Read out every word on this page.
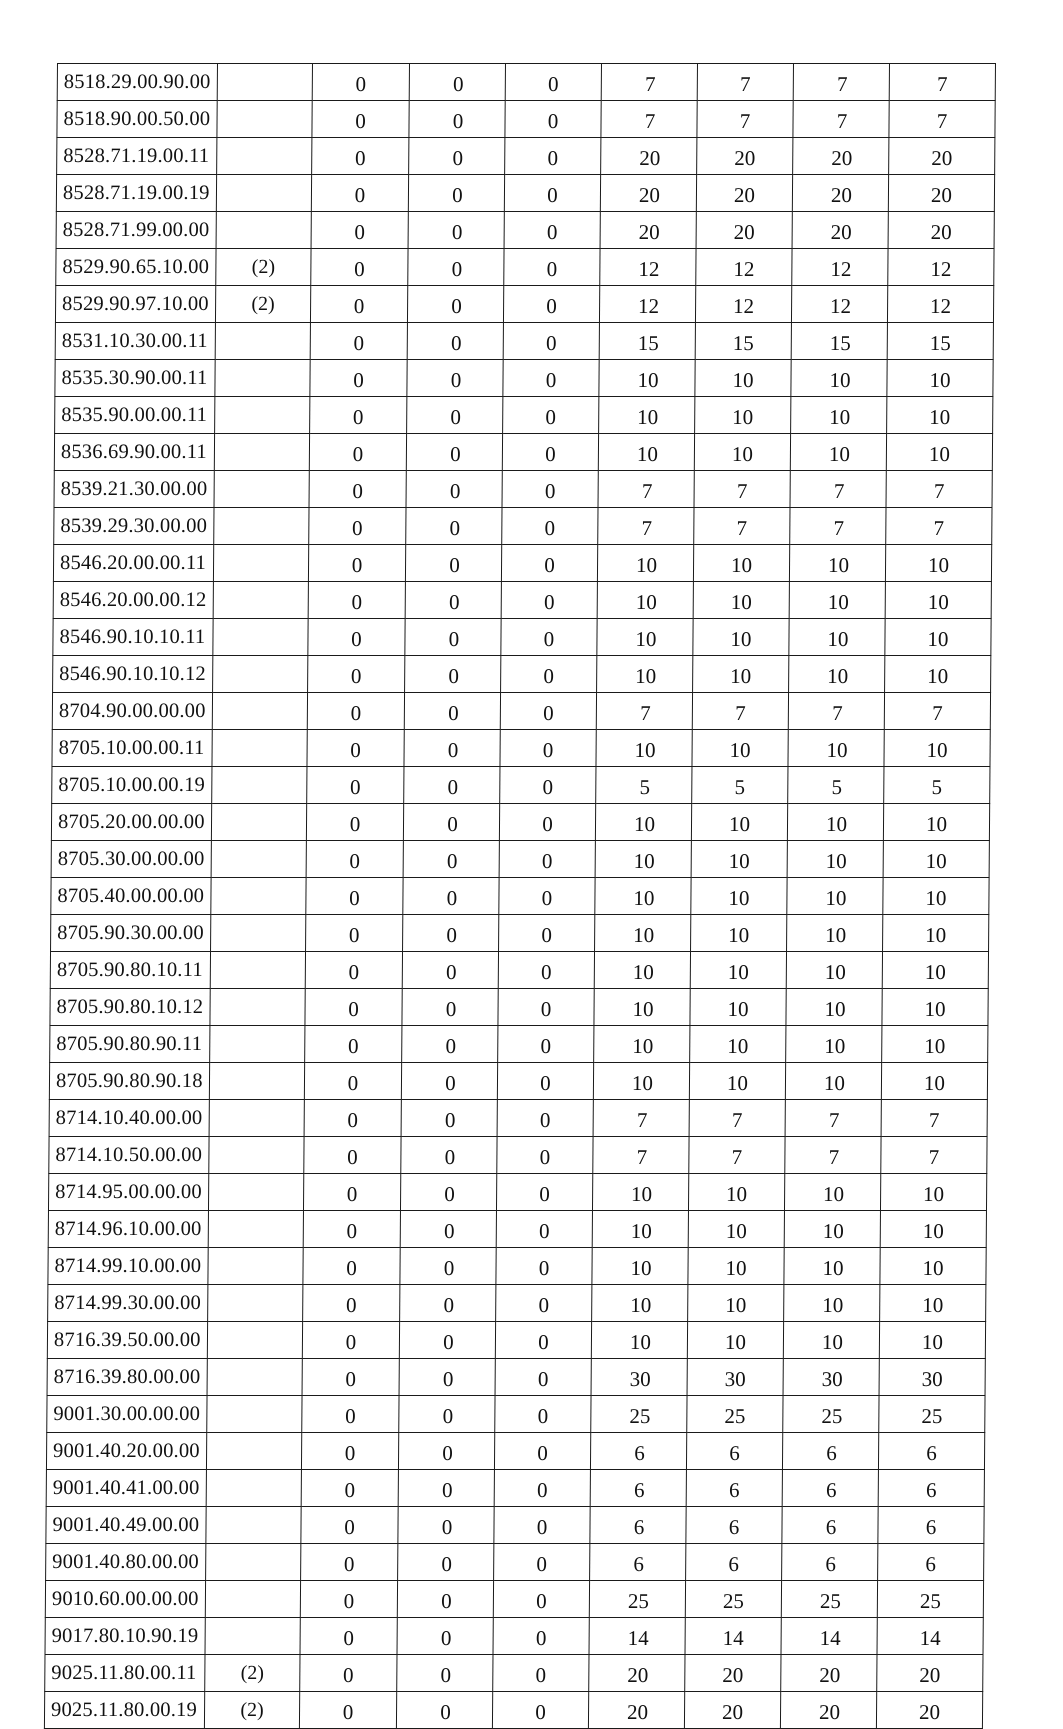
8518.29.00.90.00		0	0	0	7	7	7	7
8518.90.00.50.00		0	0	0	7	7	7	7
8528.71.19.00.11		0	0	0	20	20	20	20
8528.71.19.00.19		0	0	0	20	20	20	20
8528.71.99.00.00		0	0	0	20	20	20	20
8529.90.65.10.00	(2)	0	0	0	12	12	12	12
8529.90.97.10.00	(2)	0	0	0	12	12	12	12
8531.10.30.00.11		0	0	0	15	15	15	15
8535.30.90.00.11		0	0	0	10	10	10	10
8535.90.00.00.11		0	0	0	10	10	10	10
8536.69.90.00.11		0	0	0	10	10	10	10
8539.21.30.00.00		0	0	0	7	7	7	7
8539.29.30.00.00		0	0	0	7	7	7	7
8546.20.00.00.11		0	0	0	10	10	10	10
8546.20.00.00.12		0	0	0	10	10	10	10
8546.90.10.10.11		0	0	0	10	10	10	10
8546.90.10.10.12		0	0	0	10	10	10	10
8704.90.00.00.00		0	0	0	7	7	7	7
8705.10.00.00.11		0	0	0	10	10	10	10
8705.10.00.00.19		0	0	0	5	5	5	5
8705.20.00.00.00		0	0	0	10	10	10	10
8705.30.00.00.00		0	0	0	10	10	10	10
8705.40.00.00.00		0	0	0	10	10	10	10
8705.90.30.00.00		0	0	0	10	10	10	10
8705.90.80.10.11		0	0	0	10	10	10	10
8705.90.80.10.12		0	0	0	10	10	10	10
8705.90.80.90.11		0	0	0	10	10	10	10
8705.90.80.90.18		0	0	0	10	10	10	10
8714.10.40.00.00		0	0	0	7	7	7	7
8714.10.50.00.00		0	0	0	7	7	7	7
8714.95.00.00.00		0	0	0	10	10	10	10
8714.96.10.00.00		0	0	0	10	10	10	10
8714.99.10.00.00		0	0	0	10	10	10	10
8714.99.30.00.00		0	0	0	10	10	10	10
8716.39.50.00.00		0	0	0	10	10	10	10
8716.39.80.00.00		0	0	0	30	30	30	30
9001.30.00.00.00		0	0	0	25	25	25	25
9001.40.20.00.00		0	0	0	6	6	6	6
9001.40.41.00.00		0	0	0	6	6	6	6
9001.40.49.00.00		0	0	0	6	6	6	6
9001.40.80.00.00		0	0	0	6	6	6	6
9010.60.00.00.00		0	0	0	25	25	25	25
9017.80.10.90.19		0	0	0	14	14	14	14
9025.11.80.00.11	(2)	0	0	0	20	20	20	20
9025.11.80.00.19	(2)	0	0	0	20	20	20	20
